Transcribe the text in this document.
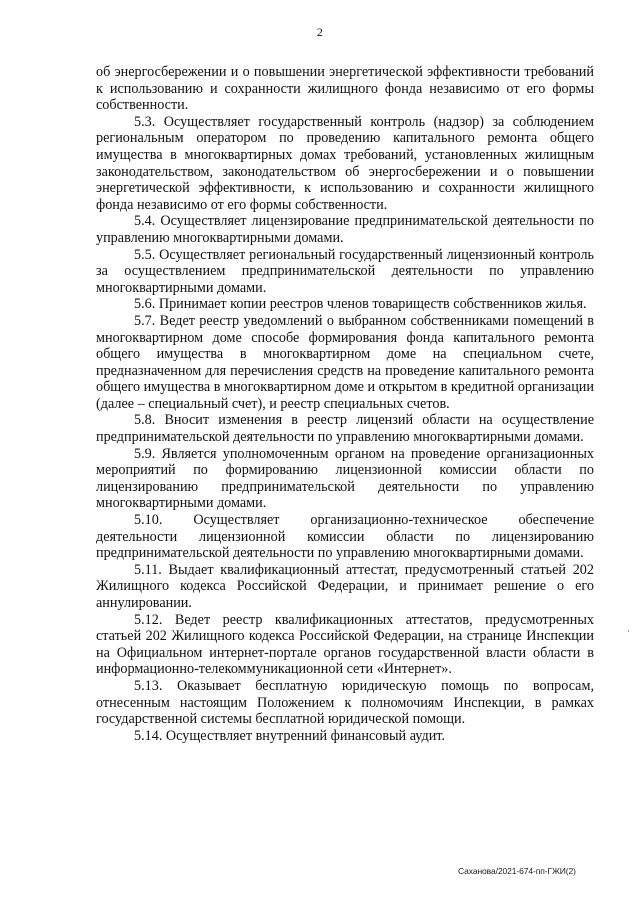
2

об энергосбережении и о повышении энергетической эффективности требований к использованию и сохранности жилищного фонда независимо от его формы собственности.

5.3. Осуществляет государственный контроль (надзор) за соблюдением региональным оператором по проведению капитального ремонта общего имущества в многоквартирных домах требований, установленных жилищным законодательством, законодательством об энергосбережении и о повышении энергетической эффективности, к использованию и сохранности жилищного фонда независимо от его формы собственности.

5.4. Осуществляет лицензирование предпринимательской деятельности по управлению многоквартирными домами.

5.5. Осуществляет региональный государственный лицензионный контроль за осуществлением предпринимательской деятельности по управлению многоквартирными домами.

5.6. Принимает копии реестров членов товариществ собственников жилья.

5.7. Ведет реестр уведомлений о выбранном собственниками помещений в многоквартирном доме способе формирования фонда капитального ремонта общего имущества в многоквартирном доме на специальном счете, предназначенном для перечисления средств на проведение капитального ремонта общего имущества в многоквартирном доме и открытом в кредитной организации (далее – специальный счет), и реестр специальных счетов.

5.8. Вносит изменения в реестр лицензий области на осуществление предпринимательской деятельности по управлению многоквартирными домами.

5.9. Является уполномоченным органом на проведение организационных мероприятий по формированию лицензионной комиссии области по лицензированию предпринимательской деятельности по управлению многоквартирными домами.

5.10. Осуществляет организационно-техническое обеспечение деятельности лицензионной комиссии области по лицензированию предпринимательской деятельности по управлению многоквартирными домами.

5.11. Выдает квалификационный аттестат, предусмотренный статьей 202 Жилищного кодекса Российской Федерации, и принимает решение о его аннулировании.

5.12. Ведет реестр квалификационных аттестатов, предусмотренных статьей 202 Жилищного кодекса Российской Федерации, на странице Инспекции на Официальном интернет-портале органов государственной власти области в информационно-телекоммуникационной сети «Интернет».

5.13. Оказывает бесплатную юридическую помощь по вопросам, отнесенным настоящим Положением к полномочиям Инспекции, в рамках государственной системы бесплатной юридической помощи.

5.14. Осуществляет внутренний финансовый аудит.

Саханова/2021-674-пп-ГЖИ(2)
